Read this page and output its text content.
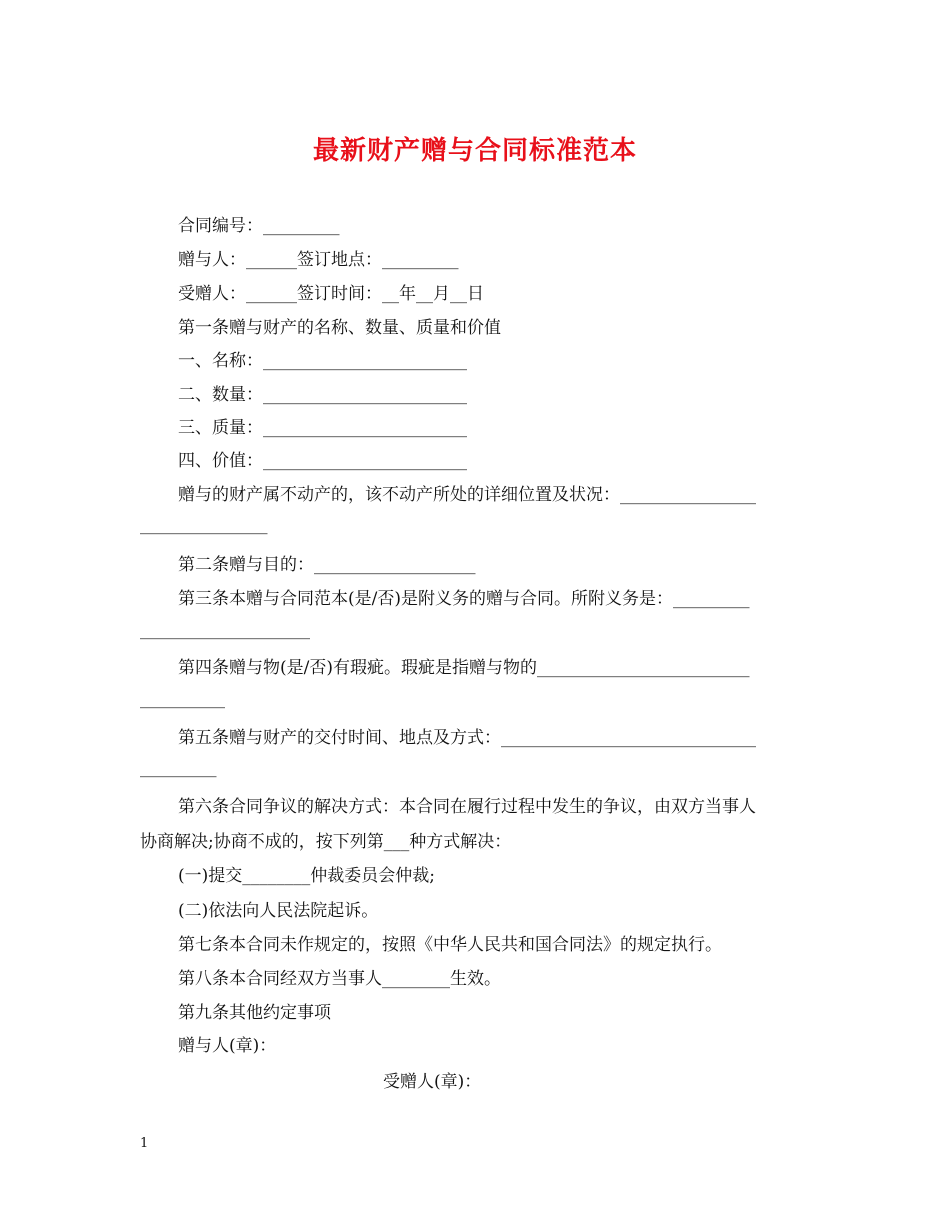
最新财产赠与合同标准范本
合同编号：_________
赠与人：______签订地点：_________
受赠人：______签订时间：__年__月__日
第一条赠与财产的名称、数量、质量和价值
一、名称：________________________
二、数量：________________________
三、质量：________________________
四、价值：________________________
赠与的财产属不动产的，该不动产所处的详细位置及状况：________________
_______________
第二条赠与目的：___________________
第三条本赠与合同范本(是/否)是附义务的赠与合同。所附义务是：_________
____________________
第四条赠与物(是/否)有瑕疵。瑕疵是指赠与物的_________________________
__________
第五条赠与财产的交付时间、地点及方式：______________________________
_________
第六条合同争议的解决方式：本合同在履行过程中发生的争议，由双方当事人
协商解决;协商不成的，按下列第___种方式解决：
(一)提交________仲裁委员会仲裁;
(二)依法向人民法院起诉。
第七条本合同未作规定的，按照《中华人民共和国合同法》的规定执行。
第八条本合同经双方当事人________生效。
第九条其他约定事项
赠与人(章)：
受赠人(章)：
1
